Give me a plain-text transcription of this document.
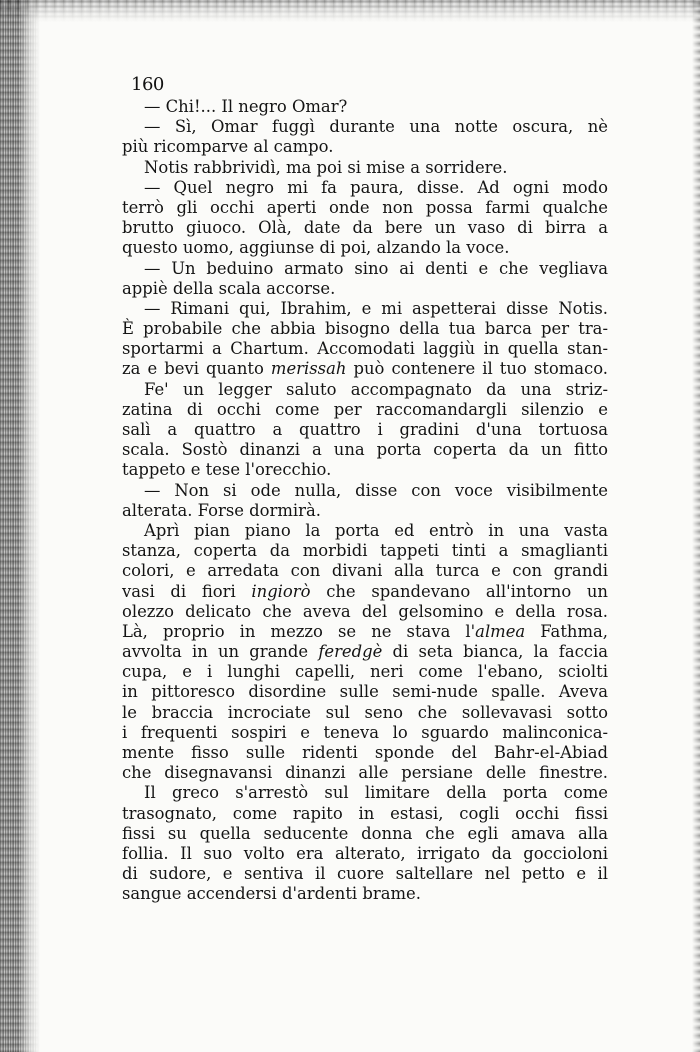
160
— Chi!... Il negro Omar?
— Sì, Omar fuggì durante una notte oscura, nè
più ricomparve al campo.
Notis rabbrividì, ma poi si mise a sorridere.
— Quel negro mi fa paura, disse. Ad ogni modo
terrò gli occhi aperti onde non possa farmi qualche
brutto giuoco. Olà, date da bere un vaso di birra a
questo uomo, aggiunse di poi, alzando la voce.
— Un beduino armato sino ai denti e che vegliava
appiè della scala accorse.
— Rimani qui, Ibrahim, e mi aspetterai disse Notis.
È probabile che abbia bisogno della tua barca per tra-
sportarmi a Chartum. Accomodati laggiù in quella stan-
za e bevi quanto merissah può contenere il tuo stomaco.
Fe' un legger saluto accompagnato da una striz-
zatina di occhi come per raccomandargli silenzio e
salì a quattro a quattro i gradini d'una tortuosa
scala. Sostò dinanzi a una porta coperta da un fitto
tappeto e tese l'orecchio.
— Non si ode nulla, disse con voce visibilmente
alterata. Forse dormirà.
Aprì pian piano la porta ed entrò in una vasta
stanza, coperta da morbidi tappeti tinti a smaglianti
colori, e arredata con divani alla turca e con grandi
vasi di fiori ingiorò che spandevano all'intorno un
olezzo delicato che aveva del gelsomino e della rosa.
Là, proprio in mezzo se ne stava l'almea Fathma,
avvolta in un grande feredgè di seta bianca, la faccia
cupa, e i lunghi capelli, neri come l'ebano, sciolti
in pittoresco disordine sulle semi-nude spalle. Aveva
le braccia incrociate sul seno che sollevavasi sotto
i frequenti sospiri e teneva lo sguardo malinconica-
mente fisso sulle ridenti sponde del Bahr-el-Abiad
che disegnavansi dinanzi alle persiane delle finestre.
Il greco s'arrestò sul limitare della porta come
trasognato, come rapito in estasi, cogli occhi fissi
fissi su quella seducente donna che egli amava alla
follia. Il suo volto era alterato, irrigato da goccioloni
di sudore, e sentiva il cuore saltellare nel petto e il
sangue accendersi d'ardenti brame.
